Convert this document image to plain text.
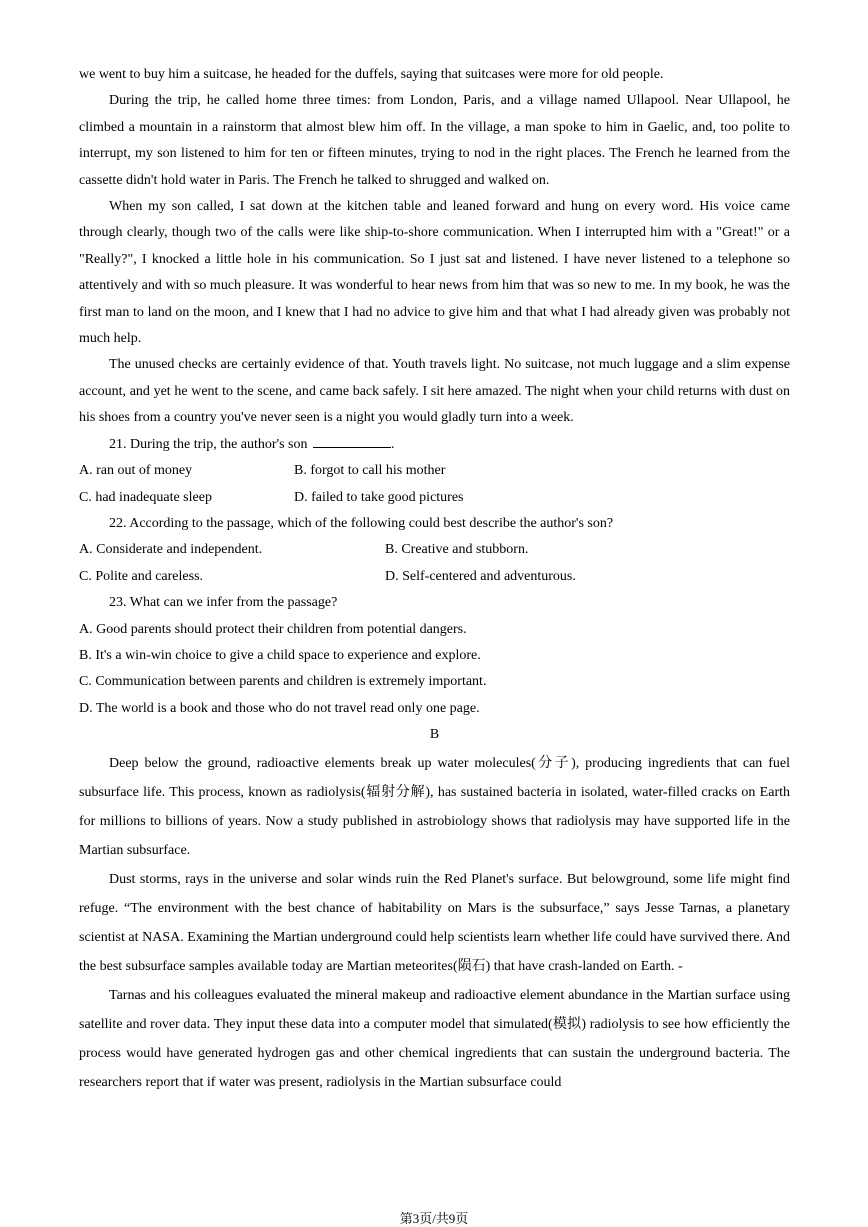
we went to buy him a suitcase, he headed for the duffels, saying that suitcases were more for old people.

During the trip, he called home three times: from London, Paris, and a village named Ullapool. Near Ullapool, he climbed a mountain in a rainstorm that almost blew him off. In the village, a man spoke to him in Gaelic, and, too polite to interrupt, my son listened to him for ten or fifteen minutes, trying to nod in the right places. The French he learned from the cassette didn't hold water in Paris. The French he talked to shrugged and walked on.

When my son called, I sat down at the kitchen table and leaned forward and hung on every word. His voice came through clearly, though two of the calls were like ship-to-shore communication. When I interrupted him with a "Great!" or a "Really?", I knocked a little hole in his communication. So I just sat and listened. I have never listened to a telephone so attentively and with so much pleasure. It was wonderful to hear news from him that was so new to me. In my book, he was the first man to land on the moon, and I knew that I had no advice to give him and that what I had already given was probably not much help.

The unused checks are certainly evidence of that. Youth travels light. No suitcase, not much luggage and a slim expense account, and yet he went to the scene, and came back safely. I sit here amazed. The night when your child returns with dust on his shoes from a country you've never seen is a night you would gladly turn into a week.

21. During the trip, the author's son	.

A. ran out of money	B. forgot to call his mother
C. had inadequate sleep	D. failed to take good pictures

22. According to the passage, which of the following could best describe the author's son?

A. Considerate and independent.	B. Creative and stubborn.
C. Polite and careless.	D. Self-centered and adventurous.

23. What can we infer from the passage?

A. Good parents should protect their children from potential dangers.
B. It's a win-win choice to give a child space to experience and explore.
C. Communication between parents and children is extremely important.
D. The world is a book and those who do not travel read only one page.

B

Deep below the ground, radioactive elements break up water molecules(分子), producing ingredients that can fuel subsurface life. This process, known as radiolysis(辐射分解), has sustained bacteria in isolated, water-filled cracks on Earth for millions to billions of years. Now a study published in astrobiology shows that radiolysis may have supported life in the Martian subsurface.

Dust storms, rays in the universe and solar winds ruin the Red Planet's surface. But belowground, some life might find refuge. “The environment with the best chance of habitability on Mars is the subsurface,” says Jesse Tarnas, a planetary scientist at NASA. Examining the Martian underground could help scientists learn whether life could have survived there. And the best subsurface samples available today are Martian meteorites(陨石) that have crash-landed on Earth. -

Tarnas and his colleagues evaluated the mineral makeup and radioactive element abundance in the Martian surface using satellite and rover data. They input these data into a computer model that simulated(模拟) radiolysis to see how efficiently the process would have generated hydrogen gas and other chemical ingredients that can sustain the underground bacteria. The researchers report that if water was present, radiolysis in the Martian subsurface could

第3页/共9页
